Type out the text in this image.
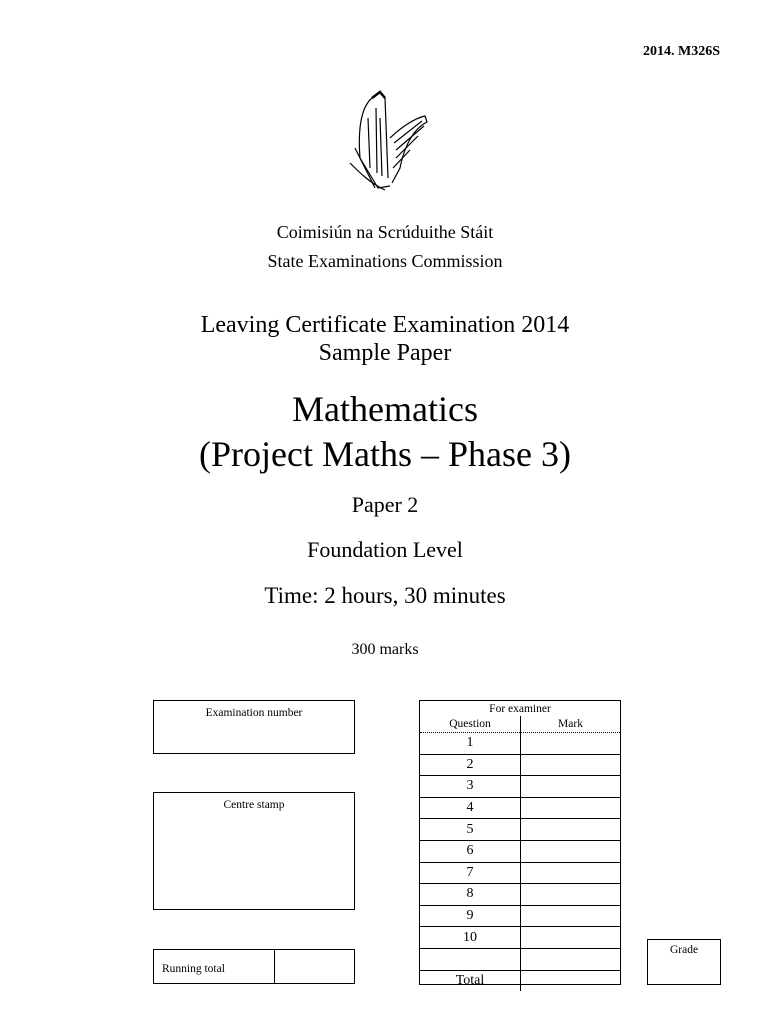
2014. M326S
Coimisiún na Scrúduithe Stáit
State Examinations Commission
Leaving Certificate Examination 2014
Sample Paper
Mathematics
(Project Maths – Phase 3)
Paper 2
Foundation Level
Time: 2 hours, 30 minutes
300 marks
Examination number
Centre stamp
Running total
For examiner	
Question	Mark
1	
2	
3	
4	
5	
6	
7	
8	
9	
10	

Total	
Grade
